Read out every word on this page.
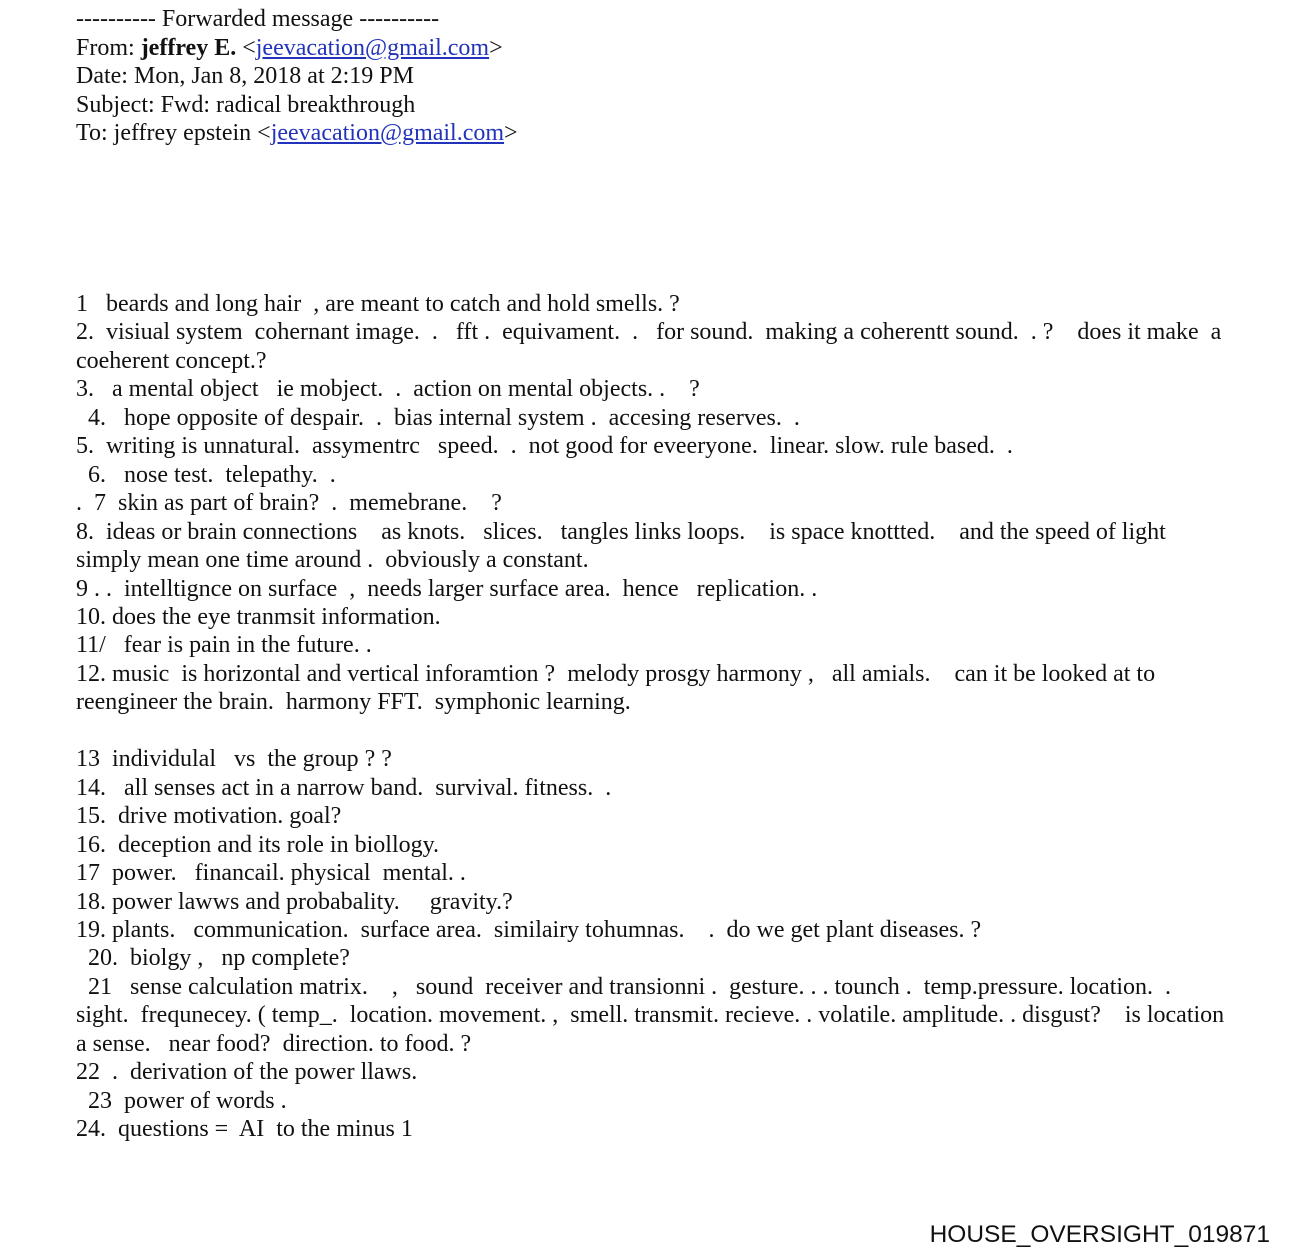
---------- Forwarded message ----------
From: jeffrey E. <jeevacation@gmail.com>
Date: Mon, Jan 8, 2018 at 2:19 PM
Subject: Fwd: radical breakthrough
To: jeffrey epstein <jeevacation@gmail.com>
1   beards and long hair  , are meant to catch and hold smells. ?
2.  visiual system  cohernant image.  .   fft .  equivament.  .   for sound.  making a coherentt sound.  . ?    does it make  a coeherent concept.?
3.   a mental object   ie mobject.  .  action on mental objects. .    ?
4.   hope opposite of despair.  .  bias internal system .  accesing reserves.  .
5.  writing is unnatural.  assymentrc   speed.  .  not good for eveeryone.  linear. slow. rule based.  .
6.   nose test.  telepathy.  .
.  7  skin as part of brain?  .  memebrane.    ?
8.  ideas or brain connections    as knots.   slices.   tangles links loops.    is space knottted.    and the speed of light  simply mean one time around .  obviously a constant.
9 . .  intelltignce on surface  ,  needs larger surface area.  hence   replication. .
10. does the eye tranmsit information.
11/   fear is pain in the future. .
12. music  is horizontal and vertical inforamtion ?  melody prosgy harmony ,   all amials.    can it be looked at to reengineer the brain.  harmony FFT.  symphonic learning.
13  individulal   vs  the group ? ?
14.   all senses act in a narrow band.  survival. fitness.  .
15.  drive motivation. goal?
16.  deception and its role in biollogy.
17  power.   financail. physical  mental. .
18. power lawws and probabality.     gravity.?
19. plants.   communication.  surface area.  similairy tohumnas.    .  do we get plant diseases. ?
20.  biolgy ,   np complete?
21   sense calculation matrix.    ,   sound  receiver and transionni .  gesture. . . tounch .  temp.pressure. location.  . sight.  frequnecey. ( temp_.  location. movement. ,  smell. transmit. recieve. . volatile. amplitude. . disgust?    is location a sense.   near food?  direction. to food. ?
22  .  derivation of the power llaws.
23  power of words .
24.  questions =  AI  to the minus 1
HOUSE_OVERSIGHT_019871
